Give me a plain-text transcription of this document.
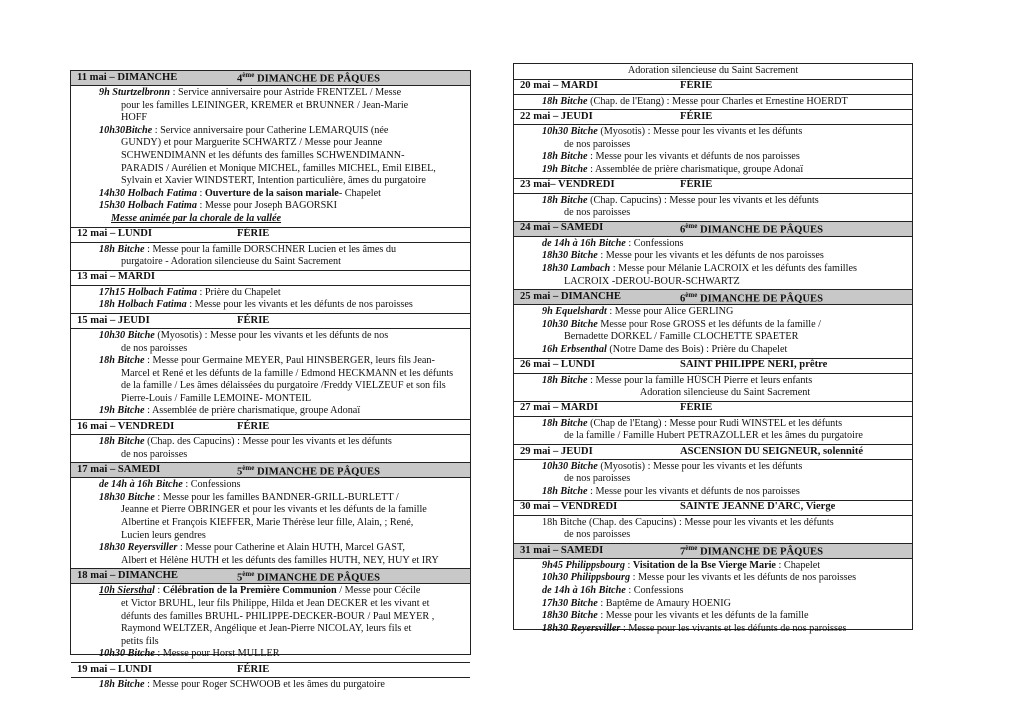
11 mai – DIMANCHE	4ème DIMANCHE DE PÂQUES
9h Sturtzelbronn : Service anniversaire pour Astride FRENTZEL / Messe
pour les familles LEININGER, KREMER et BRUNNER / Jean-Marie
HOFF
10h30Bitche : Service anniversaire pour Catherine LEMARQUIS (née
GUNDY) et pour Marguerite SCHWARTZ / Messe pour Jeanne
SCHWENDIMANN et les défunts des familles SCHWENDIMANN-
PARADIS / Aurélien et Monique MICHEL, familles MICHEL, Emil EIBEL,
Sylvain et Xavier WINDSTERT, Intention particulière, âmes du purgatoire
14h30 Holbach Fatima : Ouverture de la saison mariale- Chapelet
15h30 Holbach Fatima : Messe pour Joseph BAGORSKI
Messe animée par la chorale de la vallée
12 mai – LUNDI	FÉRIE
18h Bitche : Messe pour la famille DORSCHNER Lucien et les âmes du
purgatoire - Adoration silencieuse du Saint Sacrement
13 mai – MARDI
17h15 Holbach Fatima : Prière du Chapelet
18h Holbach Fatima : Messe pour les vivants et les défunts de nos paroisses
15 mai – JEUDI	FÉRIE
10h30 Bitche (Myosotis) : Messe pour les vivants et les défunts de nos
de nos paroisses
18h Bitche : Messe pour Germaine MEYER, Paul HINSBERGER, leurs fils Jean-
Marcel et René et les défunts de la famille / Edmond HECKMANN et les défunts
de la famille / Les âmes délaissées du purgatoire /Freddy VIELZEUF et son fils
Pierre-Louis / Famille LEMOINE- MONTEIL
19h Bitche : Assemblée de prière charismatique, groupe Adonaï
16 mai – VENDREDI	FÉRIE
18h Bitche (Chap. des Capucins) : Messe pour les vivants et les défunts
de nos paroisses
17 mai – SAMEDI	5ème DIMANCHE DE PÂQUES
de 14h à 16h Bitche : Confessions
18h30 Bitche : Messe pour les familles BANDNER-GRILL-BURLETT /
Jeanne et Pierre OBRINGER et pour les vivants et les défunts de la famille
Albertine et François KIEFFER, Marie Thérèse leur fille, Alain, ; René,
Lucien leurs gendres
18h30 Reyersviller : Messe pour Catherine et Alain HUTH, Marcel GAST,
Albert et Hélène HUTH et les défunts des familles HUTH, NEY, HUY et IRY
18 mai – DIMANCHE	5ème DIMANCHE DE PÂQUES
10h Siersthal : Célébration de la Première Communion / Messe pour Cécile
et Victor BRUHL, leur fils Philippe, Hilda et Jean DECKER et les vivant et
défunts des familles BRUHL- PHILIPPE-DECKER-BOUR / Paul MEYER ,
Raymond WELTZER, Angélique et Jean-Pierre NICOLAY, leurs fils et
petits fils
10h30 Bitche : Messe pour Horst MULLER
19 mai – LUNDI	FÉRIE
18h Bitche : Messe pour Roger SCHWOOB et les âmes du purgatoire
Adoration silencieuse du Saint Sacrement
20 mai – MARDI	FÉRIE
18h Bitche (Chap. de l'Etang) : Messe pour Charles et Ernestine HOERDT
22 mai – JEUDI	FÉRIE
10h30 Bitche (Myosotis) : Messe pour les vivants et les défunts
de nos paroisses
18h Bitche : Messe pour les vivants et défunts de nos paroisses
19h Bitche : Assemblée de prière charismatique, groupe Adonaï
23 mai– VENDREDI	FÉRIE
18h Bitche (Chap. Capucins) : Messe pour les vivants et les défunts
de nos paroisses
24 mai – SAMEDI	6ème DIMANCHE DE PÂQUES
de 14h à 16h Bitche : Confessions
18h30 Bitche : Messe pour les vivants et les défunts de nos paroisses
18h30 Lambach : Messe pour Mélanie LACROIX et les défunts des familles
LACROIX -DEROU-BOUR-SCHWARTZ
25 mai – DIMANCHE	6ème DIMANCHE DE PÂQUES
9h Equelshardt : Messe pour Alice GERLING
10h30 Bitche Messe pour Rose GROSS et les défunts de la famille /
Bernadette DORKEL / Famille CLOCHETTE SPAETER
16h Erbsenthal (Notre Dame des Bois) : Prière du Chapelet
26 mai – LUNDI	SAINT PHILIPPE NERI, prêtre
18h Bitche : Messe pour la famille HÜSCH Pierre et leurs enfants
Adoration silencieuse du Saint Sacrement
27 mai – MARDI	FÉRIE
18h Bitche (Chap de l'Etang) : Messe pour Rudi WINSTEL et les défunts
de la famille / Famille Hubert PETRAZOLLER et les âmes du purgatoire
29 mai – JEUDI	ASCENSION DU SEIGNEUR, solennité
10h30 Bitche (Myosotis) : Messe pour les vivants et les défunts
de nos paroisses
18h Bitche : Messe pour les vivants et défunts de nos paroisses
30 mai – VENDREDI	SAINTE JEANNE D'ARC, Vierge
18h Bitche (Chap. des Capucins) : Messe pour les vivants et les défunts
de nos paroisses
31 mai – SAMEDI	7ème DIMANCHE DE PÂQUES
9h45 Philippsbourg : Visitation de la Bse Vierge Marie : Chapelet
10h30 Philippsbourg : Messe pour les vivants et les défunts de nos paroisses
de 14h à 16h Bitche : Confessions
17h30 Bitche : Baptême de Amaury HOENIG
18h30 Bitche : Messe pour les vivants et les défunts de la famille
18h30 Reyersviller : Messe pour les vivants et les défunts de nos paroisses
